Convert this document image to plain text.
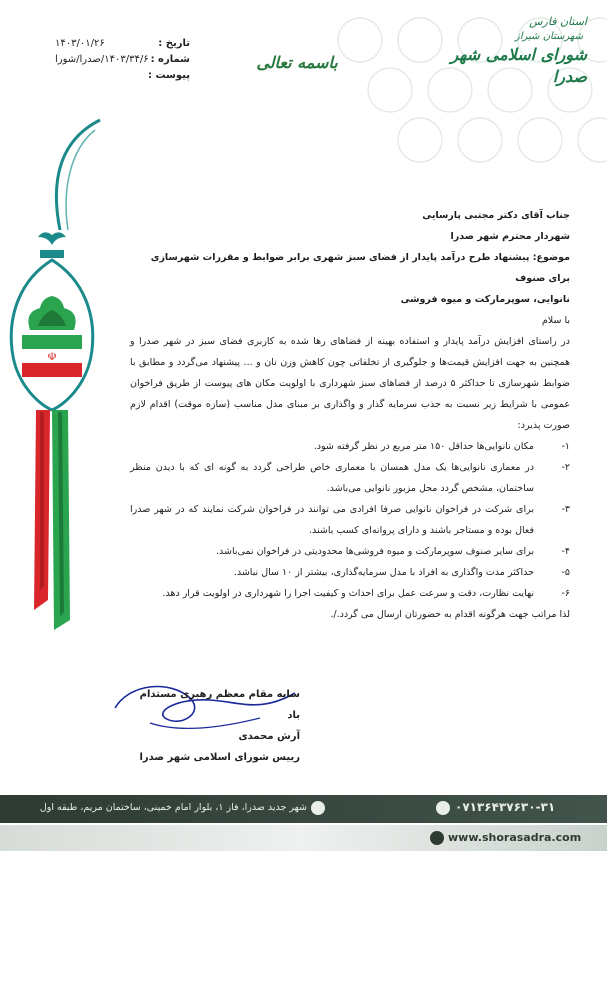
استان فارس
شهرستان شیراز
شورای اسلامی شهر صدرا
باسمه تعالی
تاریخ :
۱۴۰۳/۰۱/۲۶
شماره :
۱۴۰۳/۳۴/۶/صدرا/شورا
پیوست :
☫
جناب آقای دکتر مجتبی پارسایی
شهردار محترم شهر صدرا
موضوع: پیشنهاد طرح درآمد پایدار از فضای سبز شهری برابر ضوابط و مقررات شهرسازی برای صنوف
نانوایی، سوپرمارکت و میوه فروشی
با سلام
در راستای افزایش درآمد پایدار و استفاده بهینه از فضاهای رها شده به کاربری فضای سبز در شهر صدرا و همچنین به جهت افزایش قیمت‌ها و جلوگیری از تخلفاتی چون کاهش وزن نان و ... پیشنهاد می‌گردد و مطابق با ضوابط شهرسازی تا حداکثر ۵ درصد از فضاهای سبز شهرداری با اولویت مکان های پیوست از طریق فراخوان عمومی با شرایط زیر نسبت به جذب سرمایه گذار و واگذاری بر مبنای مدل مناسب (سازه موقت) اقدام لازم صورت پذیرد:
۱-
مکان نانوایی‌ها حداقل ۱۵۰ متر مربع در نظر گرفته شود.
۲-
در معماری نانوایی‌ها یک مدل همسان با معماری خاص طراحی گردد به گونه ای که با دیدن منظر ساختمان، مشخص گردد محل مزبور نانوایی می‌باشد.
۳-
برای شرکت در فراخوان نانوایی صرفا افرادی می توانند در فراخوان شرکت نمایند که در شهر صدرا فعال بوده و مستاجر باشند و دارای پروانه‌ای کسب باشند.
۴-
برای سایر صنوف سوپرمارکت و میوه فروشی‌ها محدودیتی در فراخوان نمی‌باشد.
۵-
حداکثر مدت واگذاری به افراد با مدل سرمایه‌گذاری، بیشتر از ۱۰ سال نباشد.
۶-
نهایت نظارت، دقت و سرعت عمل برای احداث و کیفیت اجرا را شهرداری در اولویت قرار دهد.
لذا مراتب جهت هرگونه اقدام به حضورتان ارسال می گردد./.
سایه مقام معظم رهبری مستدام باد
آرش محمدی
رییس شورای اسلامی شهر صدرا
شهر جدید صدرا، فاز ۱، بلوار امام خمینی، ساختمان مریم، طبقه اول	۰۷۱۳۶۴۳۷۶۳۰-۳۱
www.shorasadra.com
